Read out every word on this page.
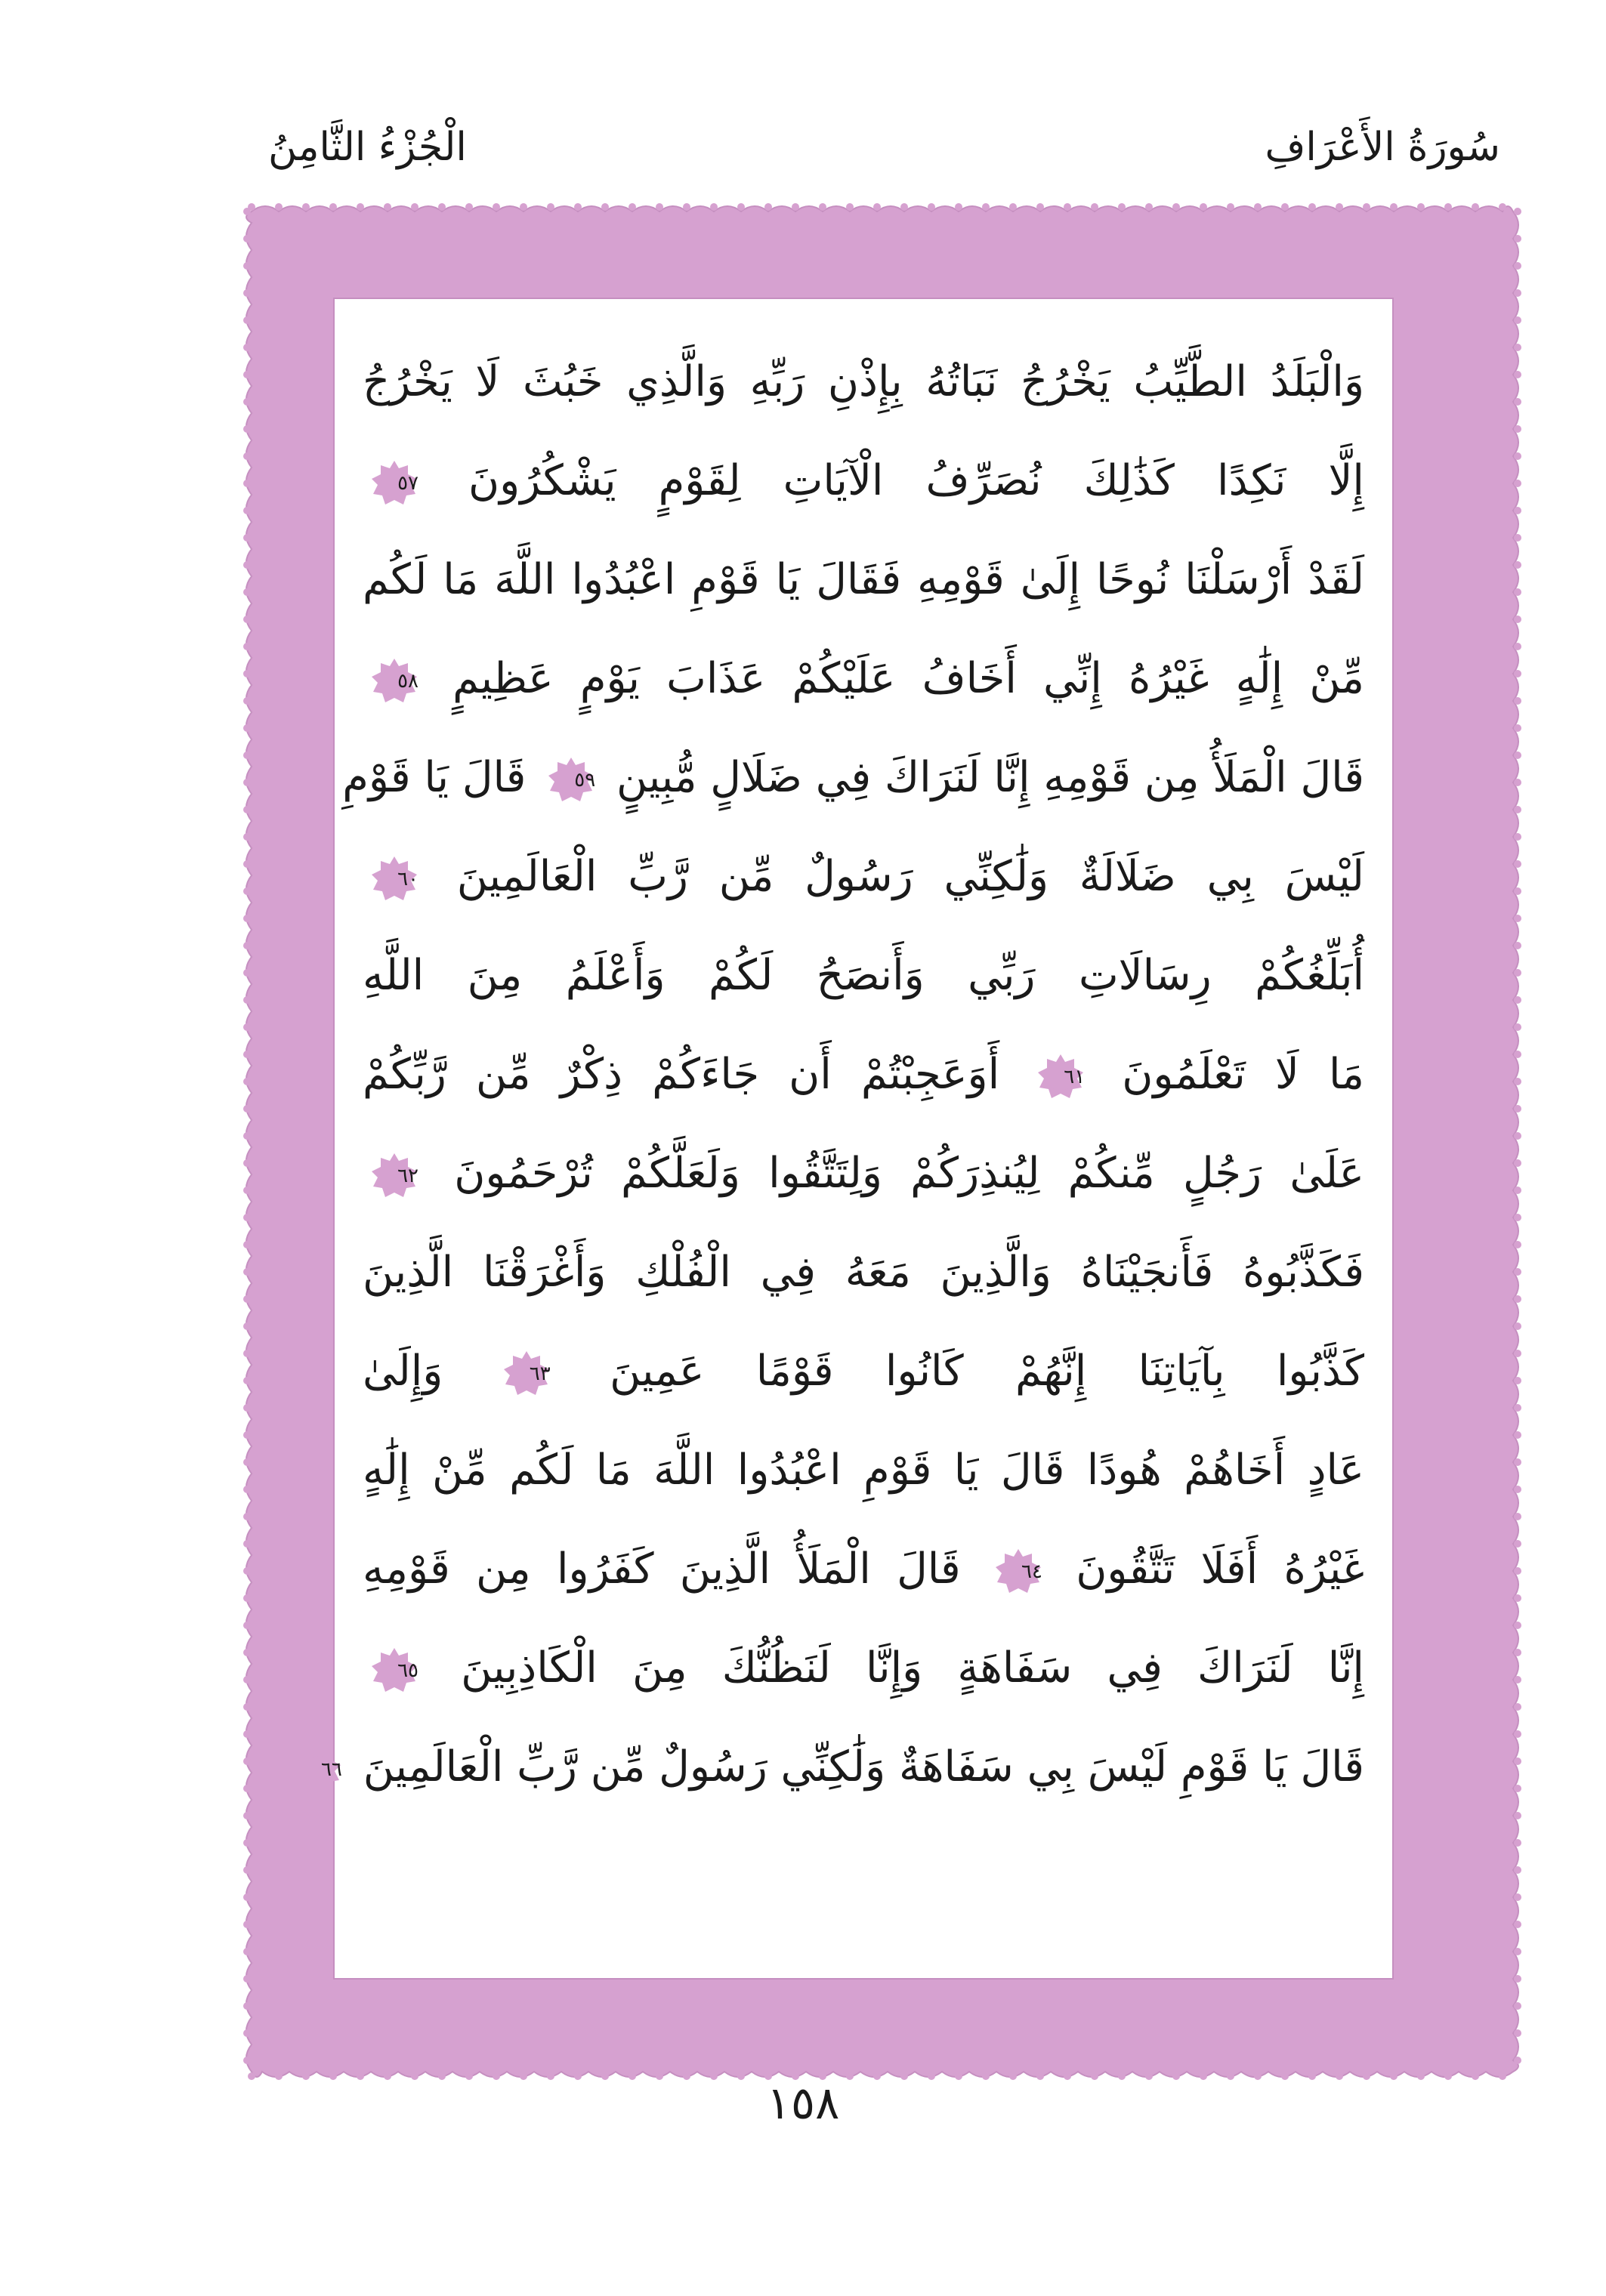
سُورَةُ الأَعْرَافِ
الْجُزْءُ الثَّامِنُ
وَالْبَلَدُ الطَّيِّبُ يَخْرُجُ نَبَاتُهُ بِإِذْنِ رَبِّهِ وَالَّذِي خَبُثَ لَا يَخْرُجُ
إِلَّا نَكِدًا كَذَٰلِكَ نُصَرِّفُ الْآيَاتِ لِقَوْمٍ يَشْكُرُونَ
٥٧
لَقَدْ أَرْسَلْنَا نُوحًا إِلَىٰ قَوْمِهِ فَقَالَ يَا قَوْمِ اعْبُدُوا اللَّهَ مَا لَكُم
مِّنْ إِلَٰهٍ غَيْرُهُ إِنِّي أَخَافُ عَلَيْكُمْ عَذَابَ يَوْمٍ عَظِيمٍ
٥٨
قَالَ الْمَلَأُ مِن قَوْمِهِ إِنَّا لَنَرَاكَ فِي ضَلَالٍ مُّبِينٍ
٥٩
قَالَ يَا قَوْمِ
لَيْسَ بِي ضَلَالَةٌ وَلَٰكِنِّي رَسُولٌ مِّن رَّبِّ الْعَالَمِينَ
٦٠
أُبَلِّغُكُمْ رِسَالَاتِ رَبِّي وَأَنصَحُ لَكُمْ وَأَعْلَمُ مِنَ اللَّهِ
مَا لَا تَعْلَمُونَ
٦١
أَوَعَجِبْتُمْ أَن جَاءَكُمْ ذِكْرٌ مِّن رَّبِّكُمْ
عَلَىٰ رَجُلٍ مِّنكُمْ لِيُنذِرَكُمْ وَلِتَتَّقُوا وَلَعَلَّكُمْ تُرْحَمُونَ
٦٢
فَكَذَّبُوهُ فَأَنجَيْنَاهُ وَالَّذِينَ مَعَهُ فِي الْفُلْكِ وَأَغْرَقْنَا الَّذِينَ
كَذَّبُوا بِآيَاتِنَا إِنَّهُمْ كَانُوا قَوْمًا عَمِينَ
٦٣
وَإِلَىٰ
عَادٍ أَخَاهُمْ هُودًا قَالَ يَا قَوْمِ اعْبُدُوا اللَّهَ مَا لَكُم مِّنْ إِلَٰهٍ
غَيْرُهُ أَفَلَا تَتَّقُونَ
٦٤
قَالَ الْمَلَأُ الَّذِينَ كَفَرُوا مِن قَوْمِهِ
إِنَّا لَنَرَاكَ فِي سَفَاهَةٍ وَإِنَّا لَنَظُنُّكَ مِنَ الْكَاذِبِينَ
٦٥
قَالَ يَا قَوْمِ لَيْسَ بِي سَفَاهَةٌ وَلَٰكِنِّي رَسُولٌ مِّن رَّبِّ الْعَالَمِينَ
٦٦
١٥٨
